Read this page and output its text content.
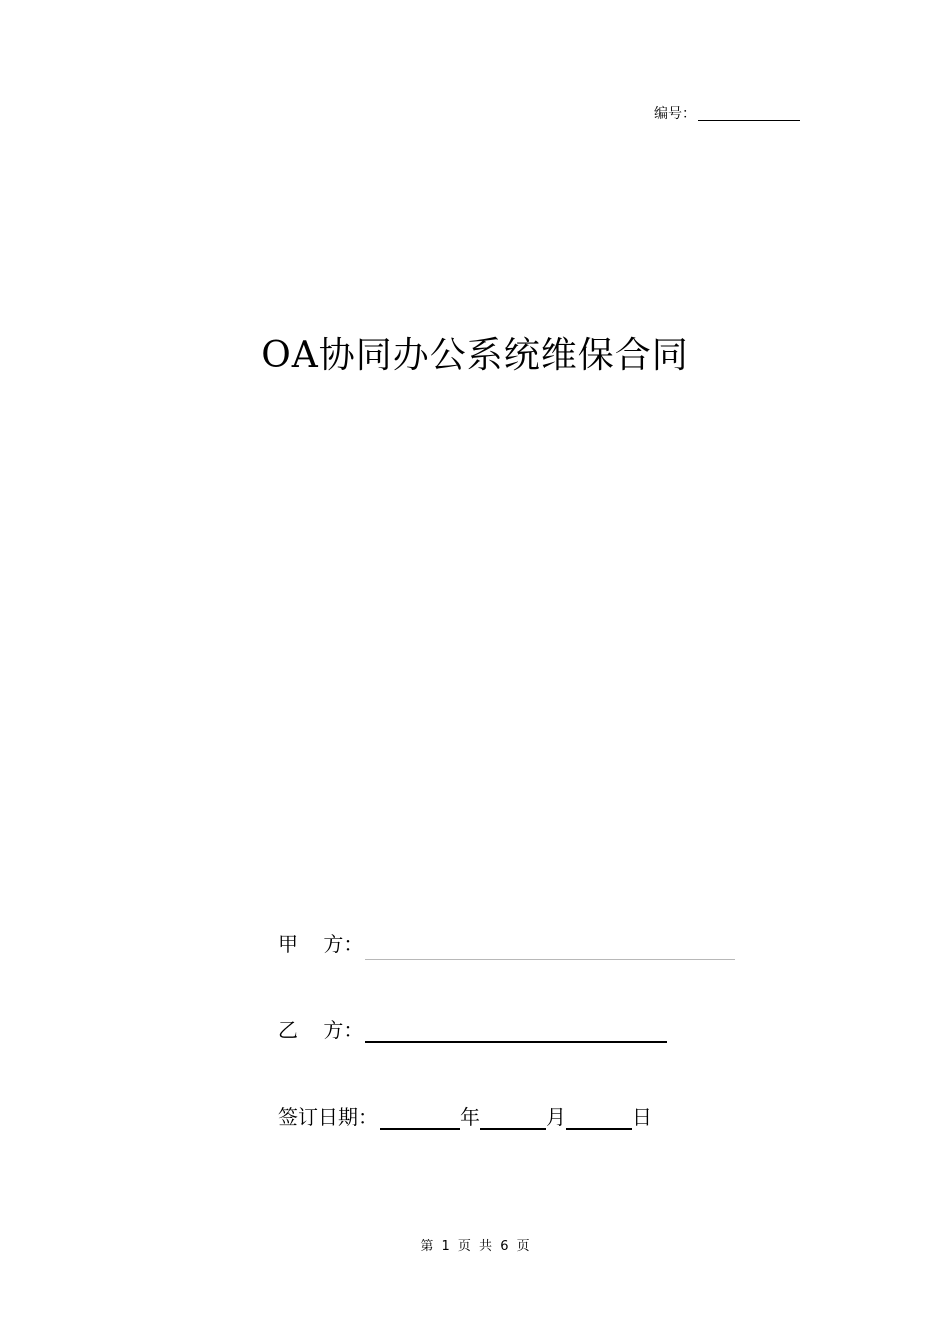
编号：
OA协同办公系统维保合同
甲    方：
乙    方：
签订日期：	年	月	日
第 1 页 共 6 页
